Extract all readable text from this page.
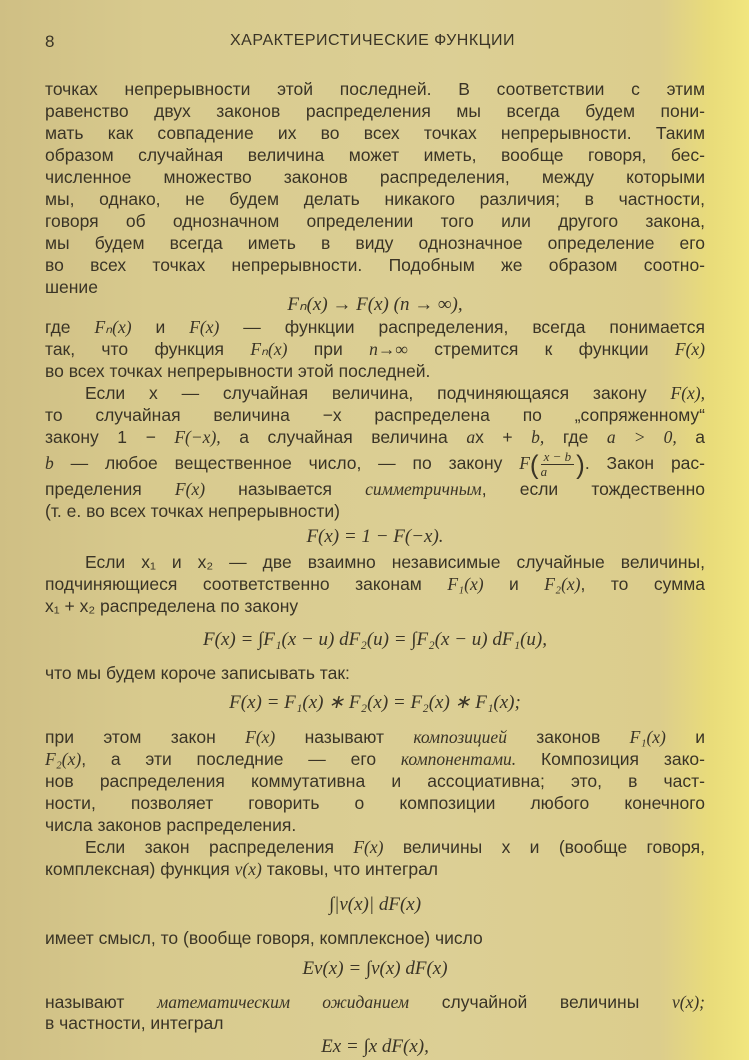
8	ХАРАКТЕРИСТИЧЕСКИЕ ФУНКЦИИ
точках непрерывности этой последней. В соответствии с этим
равенство двух законов распределения мы всегда будем пони-
мать как совпадение их во всех точках непрерывности. Таким
образом случайная величина может иметь, вообще говоря, бес-
численное множество законов распределения, между которыми
мы, однако, не будем делать никакого различия; в частности,
говоря об однозначном определении того или другого закона,
мы будем всегда иметь в виду однозначное определение его
во всех точках непрерывности. Подобным же образом соотно-
шение
Fₙ(x) → F(x) (n → ∞),
где Fₙ(x) и F(x) — функции распределения, всегда понимается
так, что функция Fₙ(x) при n→∞ стремится к функции F(x)
во всех точках непрерывности этой последней.
Если x — случайная величина, подчиняющаяся закону F(x),
то случайная величина −x распределена по „сопряженному“
закону 1 − F(−x), а случайная величина ax + b, где a > 0, а
b — любое вещественное число, — по закону $F( \frac{x - b}{a}$ ). Закон рас-
пределения F(x) называется симметричным, если тождественно
(т. е. во всех точках непрерывности)
F(x) = 1 − F(−x).
Если x₁ и x₂ — две взаимно независимые случайные величины,
подчиняющиеся соответственно законам F₁(x) и F₂(x), то сумма
x₁ + x₂ распределена по закону
F(x) = ∫F₁(x − u) dF₂(u) = ∫F₂(x − u) dF₁(u),
что мы будем короче записывать так:
F(x) = F₁(x) ∗ F₂(x) = F₂(x) ∗ F₁(x);
при этом закон F(x) называют композицией законов F₁(x) и
F₂(x), а эти последние — его компонентами. Композиция зако-
нов распределения коммутативна и ассоциативна; это, в част-
ности, позволяет говорить о композиции любого конечного
числа законов распределения.
Если закон распределения F(x) величины x и (вообще говоря,
комплексная) функция v(x) таковы, что интеграл
∫|v(x)| dF(x)
имеет смысл, то (вообще говоря, комплексное) число
Ev(x) = ∫v(x) dF(x)
называют математическим ожиданием случайной величины v(x);
в частности, интеграл
Ex = ∫x dF(x),
